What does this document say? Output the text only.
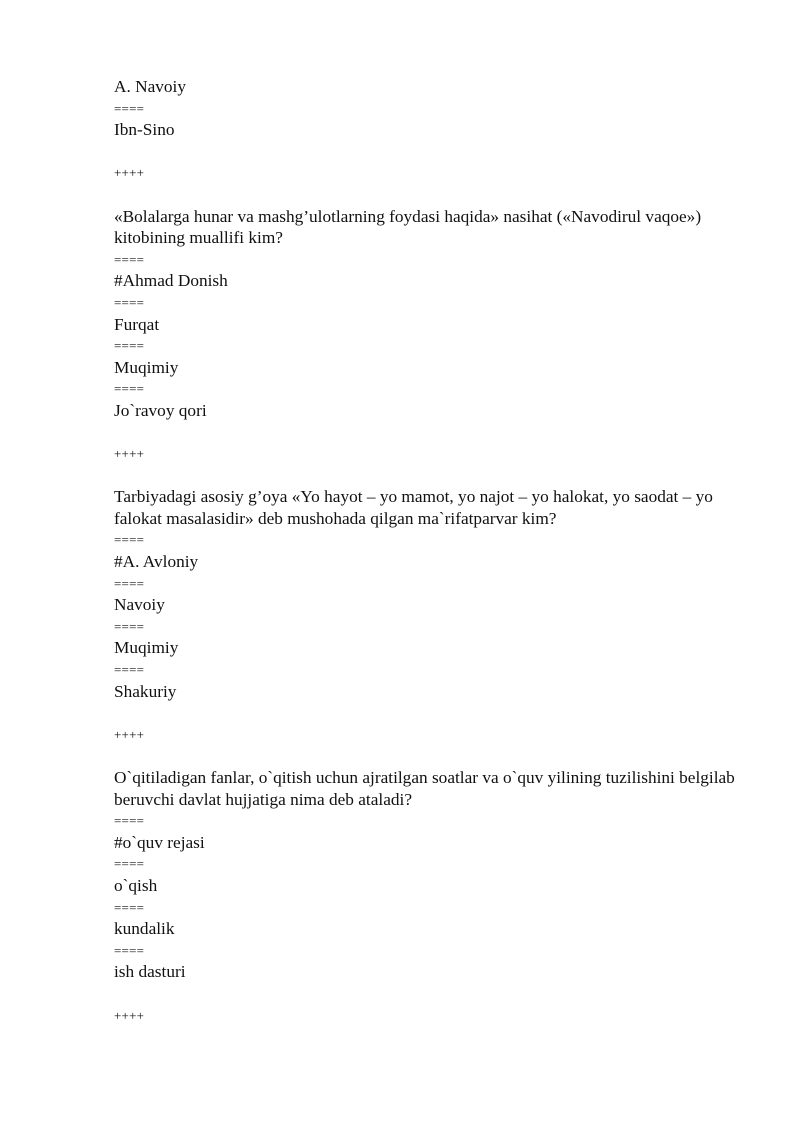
A. Navoiy
====
Ibn-Sino
++++
«Bolalarga hunar va mashg’ulotlarning foydasi haqida» nasihat («Navodirul vaqoe») kitobining muallifi kim?
====
#Ahmad Donish
====
Furqat
====
Muqimiy
====
Jo`ravoy qori
++++
Tarbiyadagi asosiy g’oya «Yo hayot – yo mamot, yo najot – yo halokat, yo saodat – yo falokat masalasidir» deb mushohada qilgan ma`rifatparvar kim?
====
#A. Avloniy
====
Navoiy
====
Muqimiy
====
Shakuriy
++++
O`qitiladigan fanlar, o`qitish uchun ajratilgan soatlar va o`quv yilining tuzilishini belgilab beruvchi davlat hujjatiga nima deb ataladi?
====
#o`quv rejasi
====
o`qish
====
kundalik
====
ish dasturi
++++
